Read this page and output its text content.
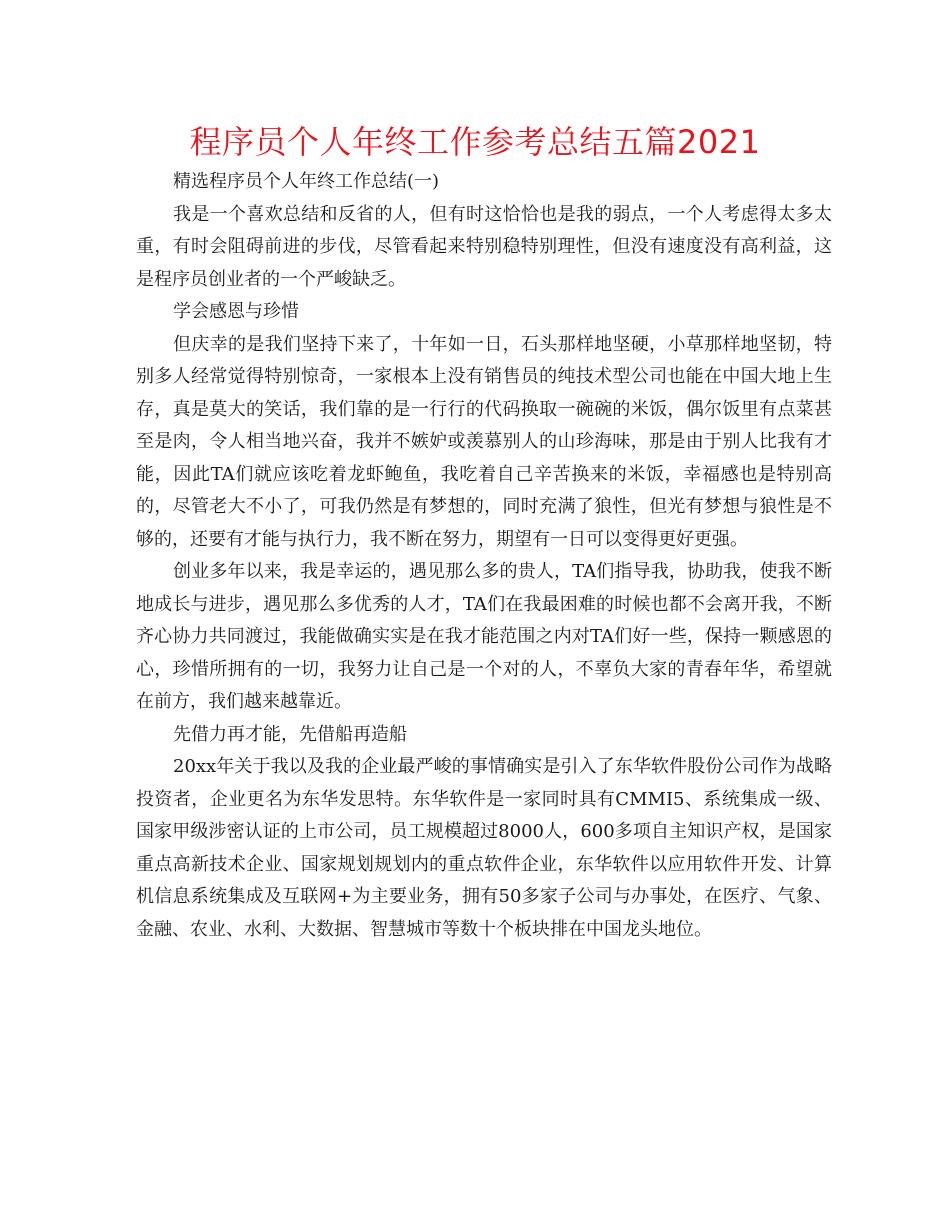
程序员个人年终工作参考总结五篇2021

精选程序员个人年终工作总结(一)

我是一个喜欢总结和反省的人，但有时这恰恰也是我的弱点，一个人考虑得太多太重，有时会阻碍前进的步伐，尽管看起来特别稳特别理性，但没有速度没有高利益，这是程序员创业者的一个严峻缺乏。

学会感恩与珍惜

但庆幸的是我们坚持下来了，十年如一日，石头那样地坚硬，小草那样地坚韧，特别多人经常觉得特别惊奇，一家根本上没有销售员的纯技术型公司也能在中国大地上生存，真是莫大的笑话，我们靠的是一行行的代码换取一碗碗的米饭，偶尔饭里有点菜甚至是肉，令人相当地兴奋，我并不嫉妒或羡慕别人的山珍海味，那是由于别人比我有才能，因此TA们就应该吃着龙虾鲍鱼，我吃着自己辛苦换来的米饭，幸福感也是特别高的，尽管老大不小了，可我仍然是有梦想的，同时充满了狼性，但光有梦想与狼性是不够的，还要有才能与执行力，我不断在努力，期望有一日可以变得更好更强。

创业多年以来，我是幸运的，遇见那么多的贵人，TA们指导我，协助我，使我不断地成长与进步，遇见那么多优秀的人才，TA们在我最困难的时候也都不会离开我，不断齐心协力共同渡过，我能做确实实是在我才能范围之内对TA们好一些，保持一颗感恩的心，珍惜所拥有的一切，我努力让自己是一个对的人，不辜负大家的青春年华，希望就在前方，我们越来越靠近。

先借力再才能，先借船再造船

20xx年关于我以及我的企业最严峻的事情确实是引入了东华软件股份公司作为战略投资者，企业更名为东华发思特。东华软件是一家同时具有CMMI5、系统集成一级、国家甲级涉密认证的上市公司，员工规模超过8000人，600多项自主知识产权，是国家重点高新技术企业、国家规划规划内的重点软件企业，东华软件以应用软件开发、计算机信息系统集成及互联网+为主要业务，拥有50多家子公司与办事处，在医疗、气象、金融、农业、水利、大数据、智慧城市等数十个板块排在中国龙头地位。
